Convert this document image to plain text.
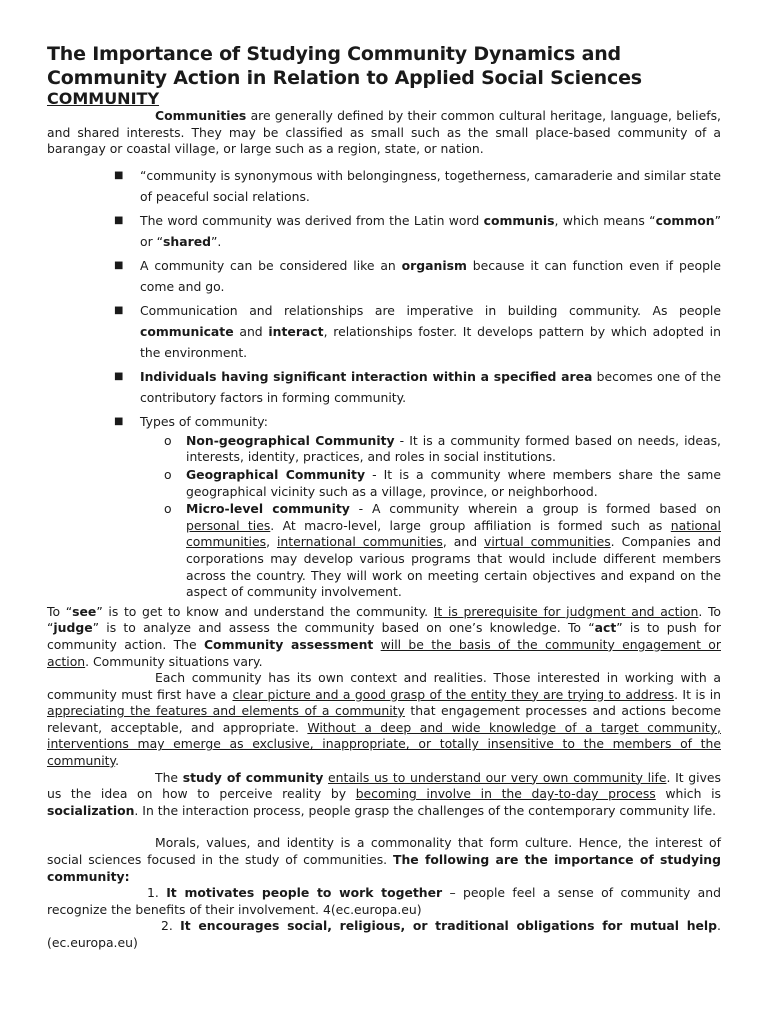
The Importance of Studying Community Dynamics and Community Action in Relation to Applied Social Sciences
COMMUNITY

Communities are generally defined by their common cultural heritage, language, beliefs, and shared interests. They may be classified as small such as the small place-based community of a barangay or coastal village, or large such as a region, state, or nation.

■ “community is synonymous with belongingness, togetherness, camaraderie and similar state of peaceful social relations.
■ The word community was derived from the Latin word communis, which means “common” or “shared”.
■ A community can be considered like an organism because it can function even if people come and go.
■ Communication and relationships are imperative in building community. As people communicate and interact, relationships foster. It develops pattern by which adopted in the environment.
■ Individuals having significant interaction within a specified area becomes one of the contributory factors in forming community.
■ Types of community:
o Non-geographical Community - It is a community formed based on needs, ideas, interests, identity, practices, and roles in social institutions.
o Geographical Community - It is a community where members share the same geographical vicinity such as a village, province, or neighborhood.
o Micro-level community - A community wherein a group is formed based on personal ties. At macro-level, large group affiliation is formed such as national communities, international communities, and virtual communities. Companies and corporations may develop various programs that would include different members across the country. They will work on meeting certain objectives and expand on the aspect of community involvement.

To “see” is to get to know and understand the community. It is prerequisite for judgment and action. To “judge” is to analyze and assess the community based on one’s knowledge. To “act” is to push for community action. The Community assessment will be the basis of the community engagement or action. Community situations vary.

Each community has its own context and realities. Those interested in working with a community must first have a clear picture and a good grasp of the entity they are trying to address. It is in appreciating the features and elements of a community that engagement processes and actions become relevant, acceptable, and appropriate. Without a deep and wide knowledge of a target community, interventions may emerge as exclusive, inappropriate, or totally insensitive to the members of the community.

The study of community entails us to understand our very own community life. It gives us the idea on how to perceive reality by becoming involve in the day-to-day process which is socialization. In the interaction process, people grasp the challenges of the contemporary community life.

Morals, values, and identity is a commonality that form culture. Hence, the interest of social sciences focused in the study of communities. The following are the importance of studying community:

1. It motivates people to work together – people feel a sense of community and recognize the benefits of their involvement. 4(ec.europa.eu)

2. It encourages social, religious, or traditional obligations for mutual help. (ec.europa.eu)
